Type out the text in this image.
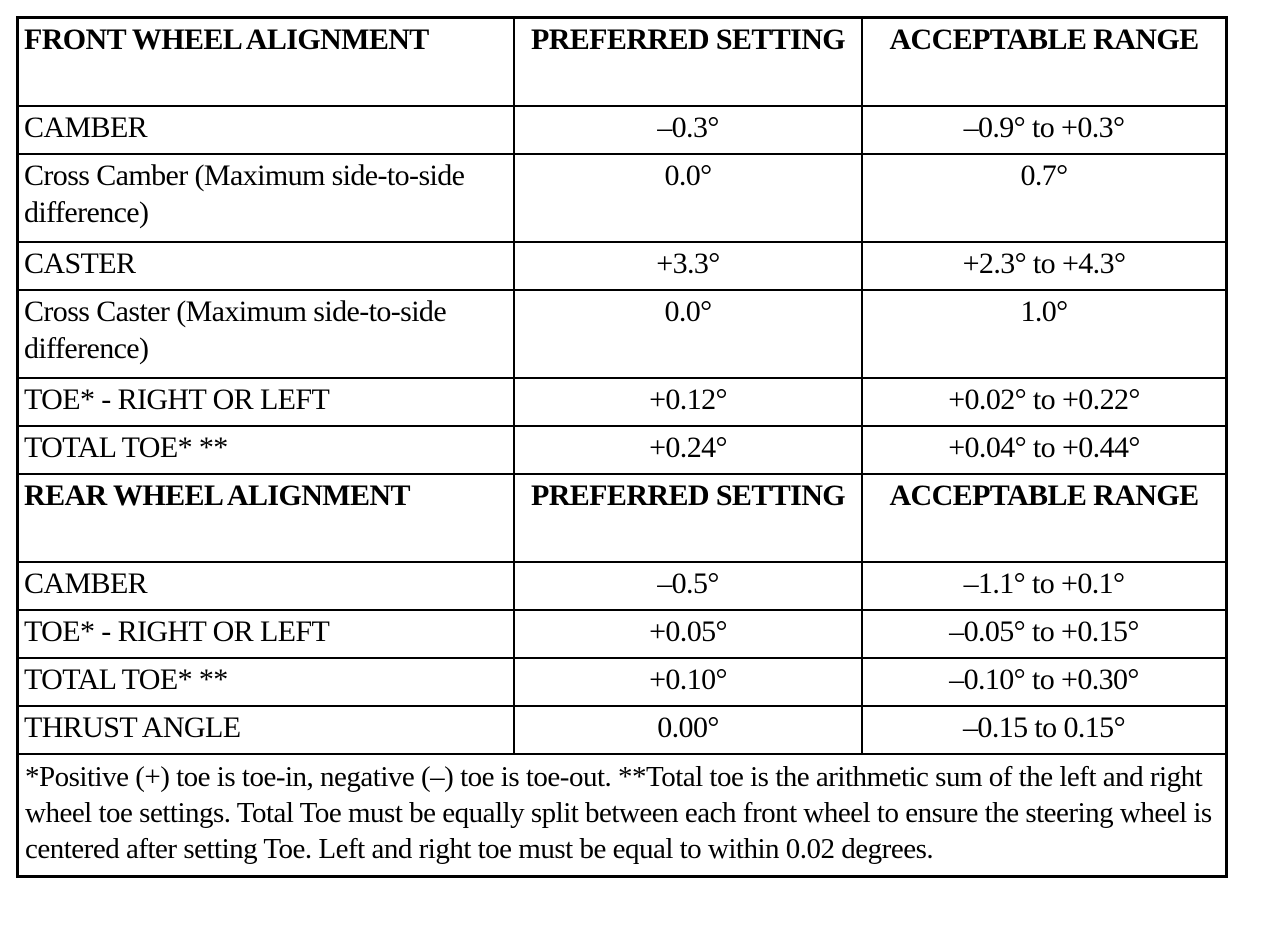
FRONT WHEEL ALIGNMENT	PREFERRED SETTING	ACCEPTABLE RANGE
CAMBER	–0.3°	–0.9° to +0.3°
Cross Camber (Maximum side-to-side difference)	0.0°	0.7°
CASTER	+3.3°	+2.3° to +4.3°
Cross Caster (Maximum side-to-side difference)	0.0°	1.0°
TOE* - RIGHT OR LEFT	+0.12°	+0.02° to +0.22°
TOTAL TOE* **	+0.24°	+0.04° to +0.44°
REAR WHEEL ALIGNMENT	PREFERRED SETTING	ACCEPTABLE RANGE
CAMBER	–0.5°	–1.1° to +0.1°
TOE* - RIGHT OR LEFT	+0.05°	–0.05° to +0.15°
TOTAL TOE* **	+0.10°	–0.10° to +0.30°
THRUST ANGLE	0.00°	–0.15 to 0.15°
*Positive (+) toe is toe-in, negative (–) toe is toe-out. **Total toe is the arithmetic sum of the left and right wheel toe settings. Total Toe must be equally split between each front wheel to ensure the steering wheel is centered after setting Toe. Left and right toe must be equal to within 0.02 degrees.		
